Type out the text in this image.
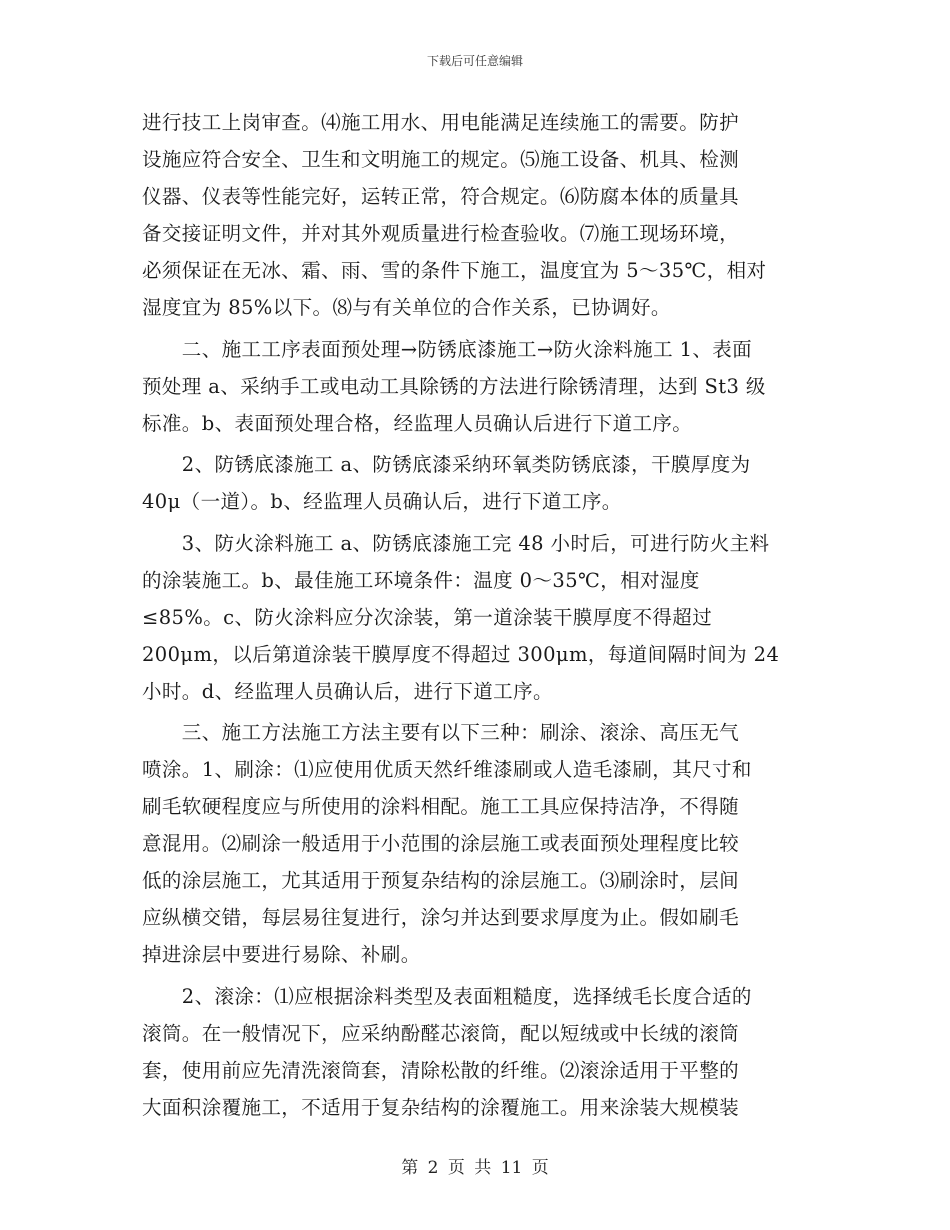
下载后可任意编辑
进行技工上岗审查。⑷施工用水、用电能满足连续施工的需要。防护
设施应符合安全、卫生和文明施工的规定。⑸施工设备、机具、检测
仪器、仪表等性能完好，运转正常，符合规定。⑹防腐本体的质量具
备交接证明文件，并对其外观质量进行检查验收。⑺施工现场环境，
必须保证在无冰、霜、雨、雪的条件下施工，温度宜为 5～35℃，相对
湿度宜为 85%以下。⑻与有关单位的合作关系，已协调好。
　　二、施工工序表面预处理→防锈底漆施工→防火涂料施工 1、表面
预处理 a、采纳手工或电动工具除锈的方法进行除锈清理，达到 St3 级
标准。b、表面预处理合格，经监理人员确认后进行下道工序。
　　2、防锈底漆施工 a、防锈底漆采纳环氧类防锈底漆，干膜厚度为
40μ（一道）。b、经监理人员确认后，进行下道工序。
　　3、防火涂料施工 a、防锈底漆施工完 48 小时后，可进行防火主料
的涂装施工。b、最佳施工环境条件：温度 0～35℃，相对湿度
≤85%。c、防火涂料应分次涂装，第一道涂装干膜厚度不得超过
200μm，以后第道涂装干膜厚度不得超过 300μm，每道间隔时间为 24
小时。d、经监理人员确认后，进行下道工序。
　　三、施工方法施工方法主要有以下三种：刷涂、滚涂、高压无气
喷涂。1、刷涂：⑴应使用优质天然纤维漆刷或人造毛漆刷，其尺寸和
刷毛软硬程度应与所使用的涂料相配。施工工具应保持洁净，不得随
意混用。⑵刷涂一般适用于小范围的涂层施工或表面预处理程度比较
低的涂层施工，尤其适用于预复杂结构的涂层施工。⑶刷涂时，层间
应纵横交错，每层易往复进行，涂匀并达到要求厚度为止。假如刷毛
掉进涂层中要进行易除、补刷。
　　2、滚涂：⑴应根据涂料类型及表面粗糙度，选择绒毛长度合适的
滚筒。在一般情况下，应采纳酚醛芯滚筒，配以短绒或中长绒的滚筒
套，使用前应先清洗滚筒套，清除松散的纤维。⑵滚涂适用于平整的
大面积涂覆施工，不适用于复杂结构的涂覆施工。用来涂装大规模装
第 2 页 共 11 页
